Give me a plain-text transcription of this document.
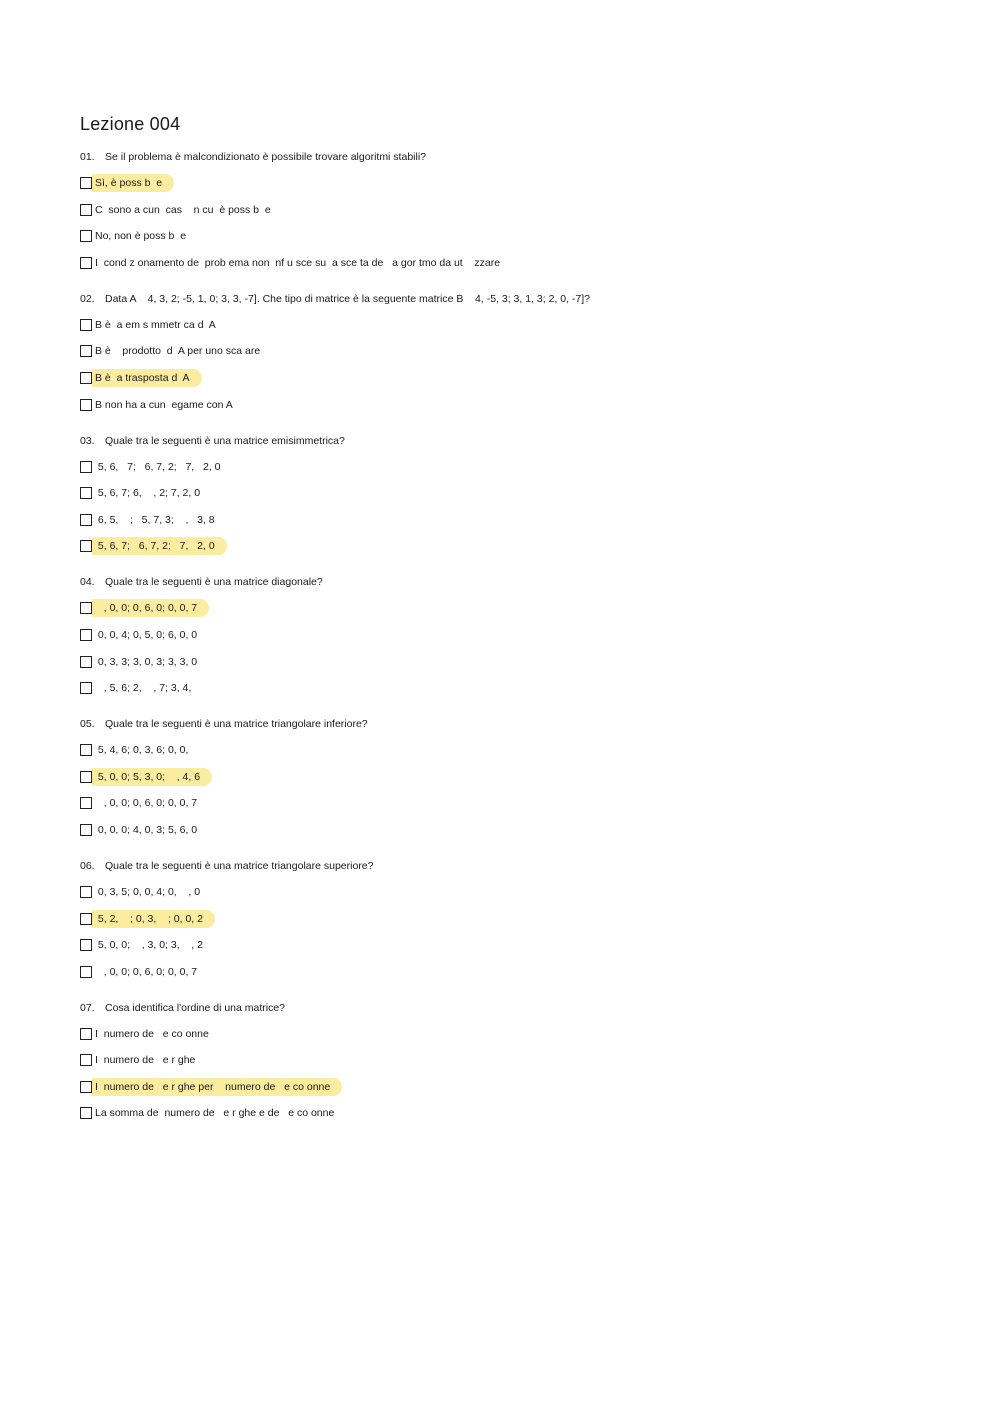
Lezione 004
01. Se il problema è malcondizionato è possibile trovare algoritmi stabili?
Sì, è poss b  e
C  sono a cun  cas    n cu  è poss b  e
No, non è poss b  e
I  cond z onamento de  prob ema non  nf u sce su  a sce ta de   a gor tmo da ut    zzare
02. Data A    4, 3, 2; -5, 1, 0; 3, 3, -7]. Che tipo di matrice è la seguente matrice B    4, -5, 3; 3, 1, 3; 2, 0, -7]?
B è  a em s mmetr ca d  A
B è    prodotto  d  A per uno sca are
B è  a trasposta d  A
B non ha a cun  egame con A
03. Quale tra le seguenti è una matrice emisimmetrica?
5, 6,   7;   6, 7, 2;   7,   2, 0
5, 6, 7; 6,    , 2; 7, 2, 0
6, 5,    ;   5, 7, 3;    ,   3, 8
5, 6, 7;   6, 7, 2;   7,   2, 0
04. Quale tra le seguenti è una matrice diagonale?
, 0, 0; 0, 6, 0; 0, 0, 7
0, 0, 4; 0, 5, 0; 6, 0, 0
0, 3, 3; 3, 0, 3; 3, 3, 0
, 5, 6; 2,    , 7; 3, 4,
05. Quale tra le seguenti è una matrice triangolare inferiore?
5, 4, 6; 0, 3, 6; 0, 0,
5, 0, 0; 5, 3, 0;    , 4, 6
, 0, 0; 0, 6, 0; 0, 0, 7
0, 0, 0; 4, 0, 3; 5, 6, 0
06. Quale tra le seguenti è una matrice triangolare superiore?
0, 3, 5; 0, 0, 4; 0,    , 0
5, 2,    ; 0, 3,    ; 0, 0, 2
5, 0, 0;    , 3, 0; 3,    , 2
, 0, 0; 0, 6, 0; 0, 0, 7
07. Cosa identifica l'ordine di una matrice?
I  numero de   e co onne
I  numero de   e r ghe
I  numero de   e r ghe per    numero de   e co onne
La somma de  numero de   e r ghe e de   e co onne
